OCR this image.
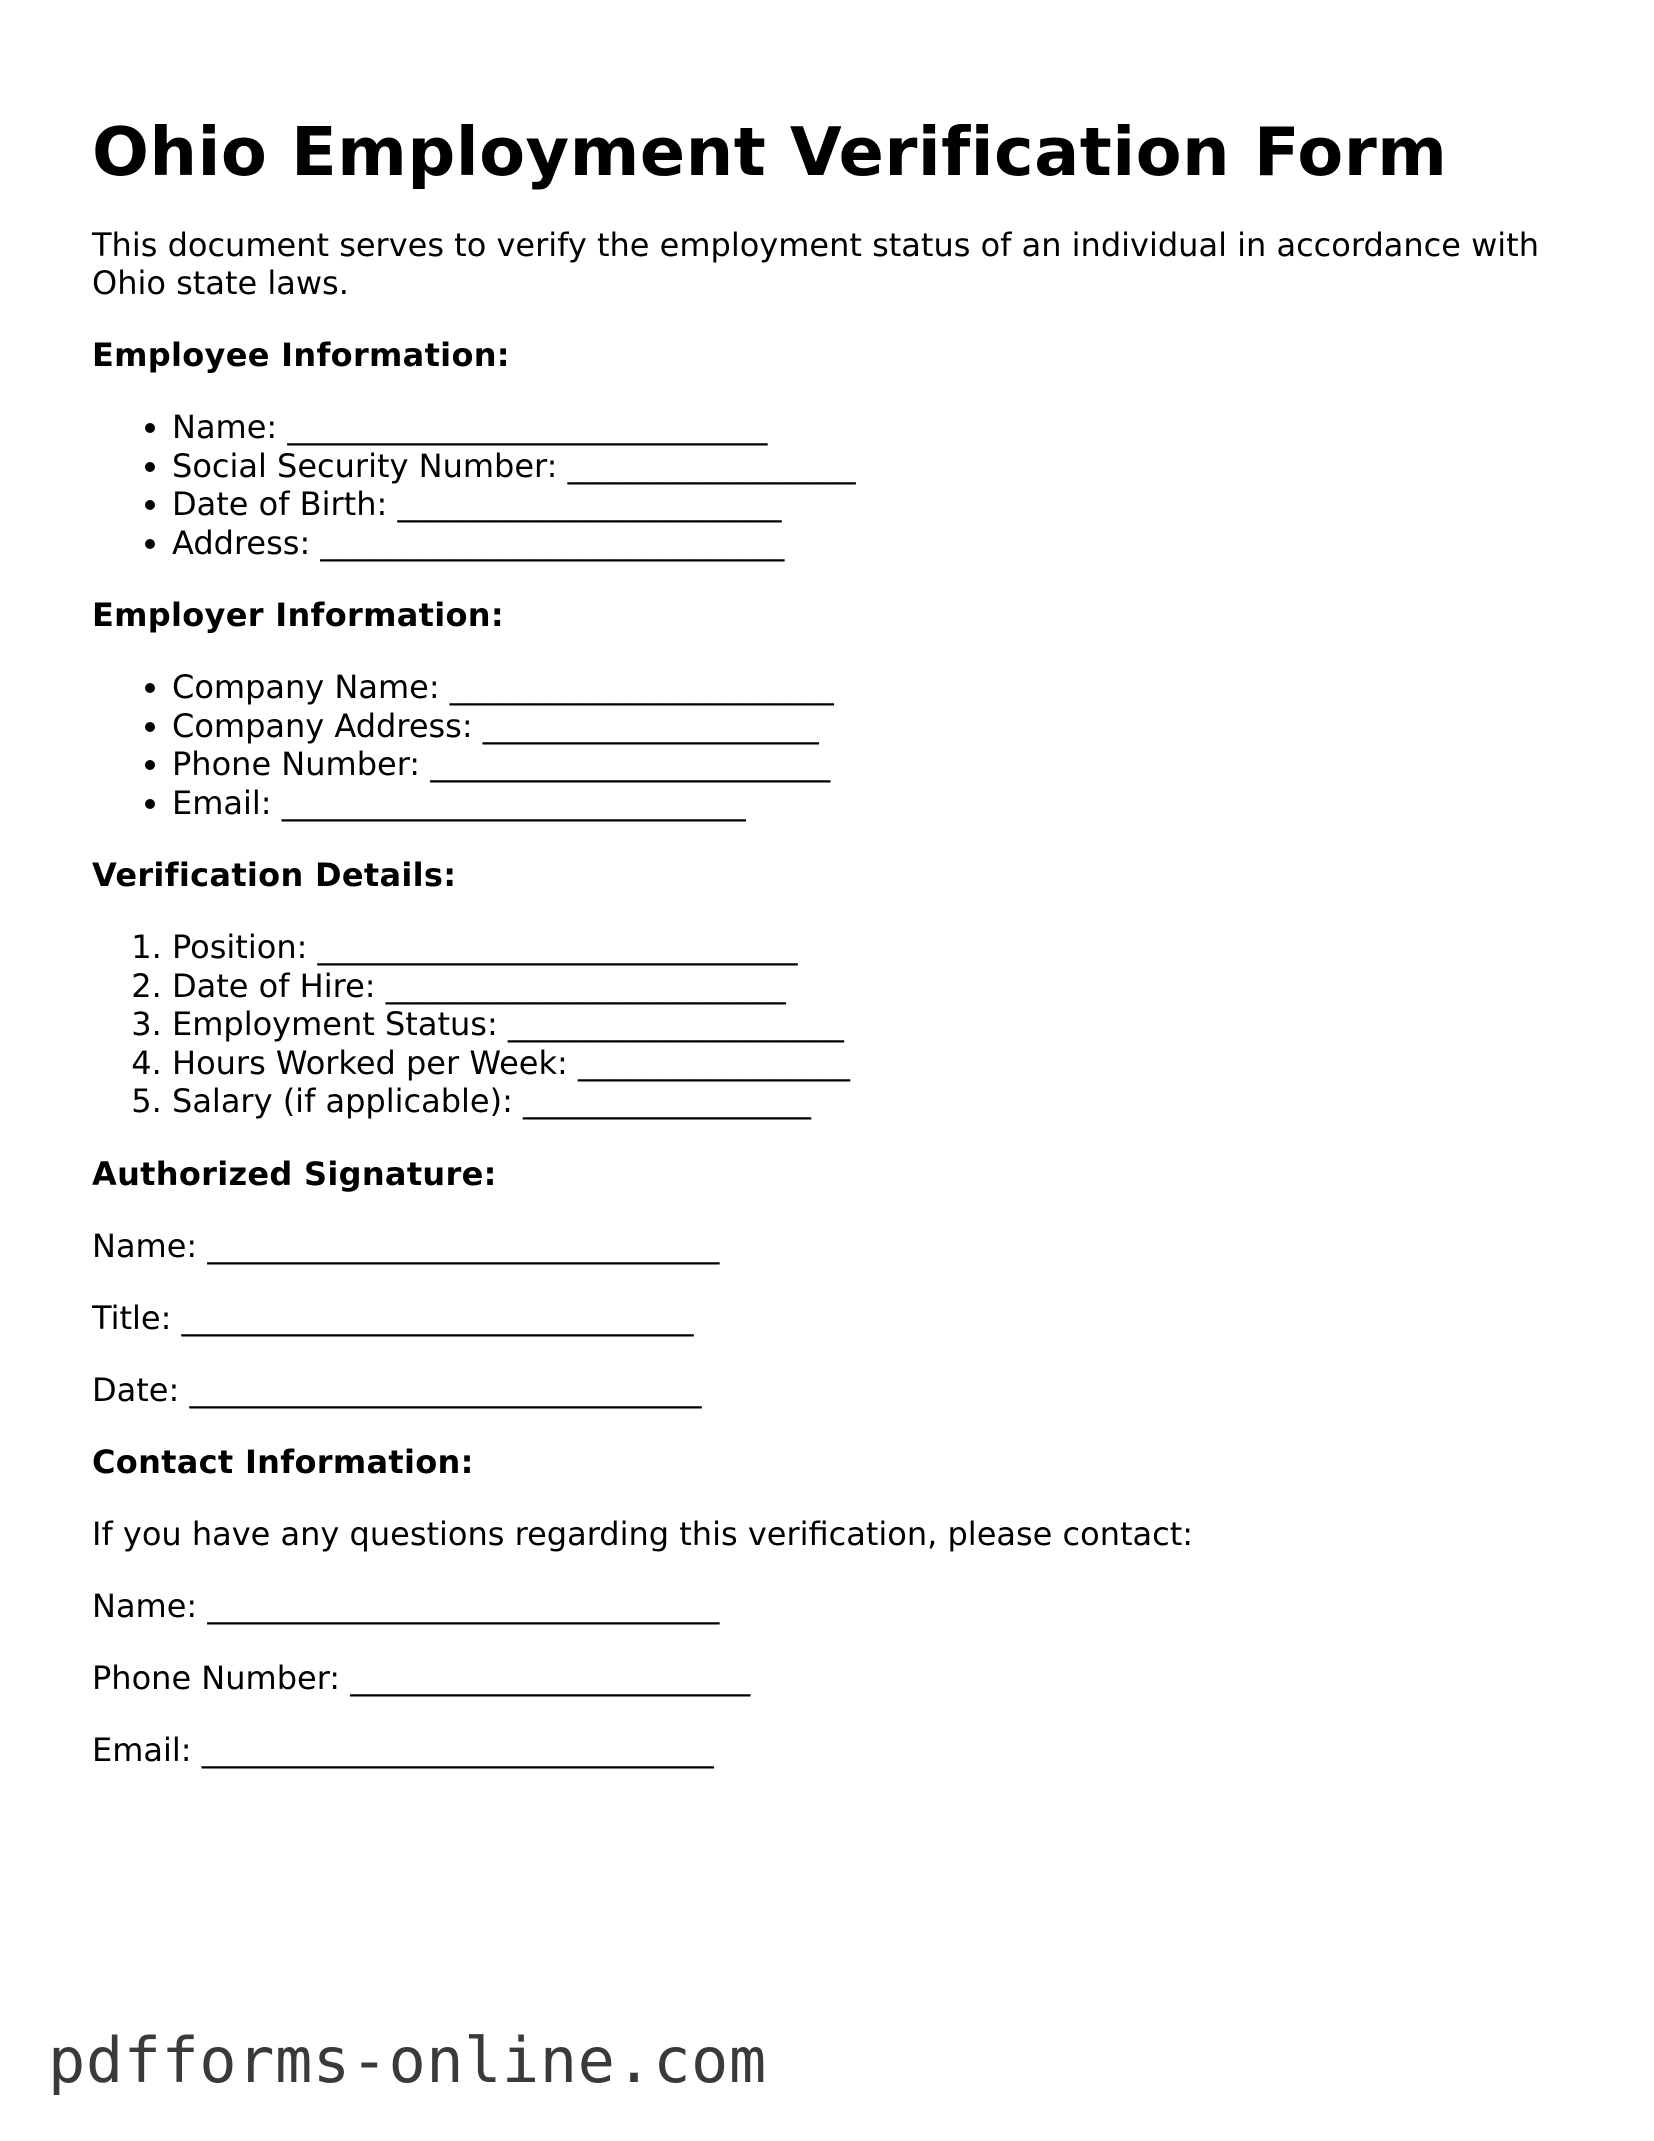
Ohio Employment Verification Form

This document serves to verify the employment status of an individual in accordance with Ohio state laws.

Employee Information:
• Name: ______________________________
• Social Security Number: __________________
• Date of Birth: ________________________
• Address: _____________________________
Employer Information:
• Company Name: ________________________
• Company Address: _____________________
• Phone Number: _________________________
• Email: _____________________________
Verification Details:
1. Position: ______________________________
2. Date of Hire: _________________________
3. Employment Status: _____________________
4. Hours Worked per Week: _________________
5. Salary (if applicable): __________________
Authorized Signature:

Name: ________________________________

Title: ________________________________

Date: ________________________________

Contact Information:

If you have any questions regarding this verification, please contact:

Name: ________________________________

Phone Number: _________________________

Email: ________________________________

pdfforms-online.com
